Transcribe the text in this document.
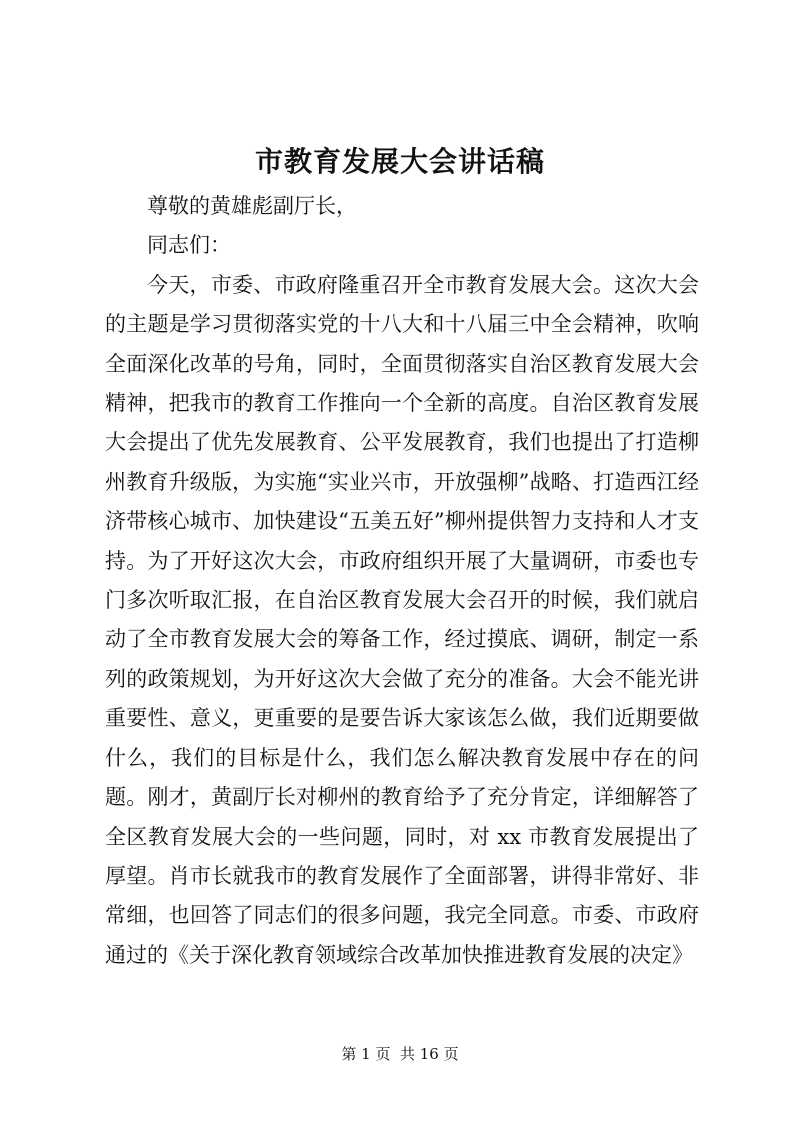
市教育发展大会讲话稿

尊敬的黄雄彪副厅长，

同志们：

今天，市委、市政府隆重召开全市教育发展大会。这次大会的主题是学习贯彻落实党的十八大和十八届三中全会精神，吹响全面深化改革的号角，同时，全面贯彻落实自治区教育发展大会精神，把我市的教育工作推向一个全新的高度。自治区教育发展大会提出了优先发展教育、公平发展教育，我们也提出了打造柳州教育升级版，为实施“实业兴市，开放强柳”战略、打造西江经济带核心城市、加快建设“五美五好”柳州提供智力支持和人才支持。为了开好这次大会，市政府组织开展了大量调研，市委也专门多次听取汇报，在自治区教育发展大会召开的时候，我们就启动了全市教育发展大会的筹备工作，经过摸底、调研，制定一系列的政策规划，为开好这次大会做了充分的准备。大会不能光讲重要性、意义，更重要的是要告诉大家该怎么做，我们近期要做什么，我们的目标是什么，我们怎么解决教育发展中存在的问题。刚才，黄副厅长对柳州的教育给予了充分肯定，详细解答了全区教育发展大会的一些问题，同时，对 xx 市教育发展提出了厚望。肖市长就我市的教育发展作了全面部署，讲得非常好、非常细，也回答了同志们的很多问题，我完全同意。市委、市政府通过的《关于深化教育领域综合改革加快推进教育发展的决定》

第 1 页  共 16 页
